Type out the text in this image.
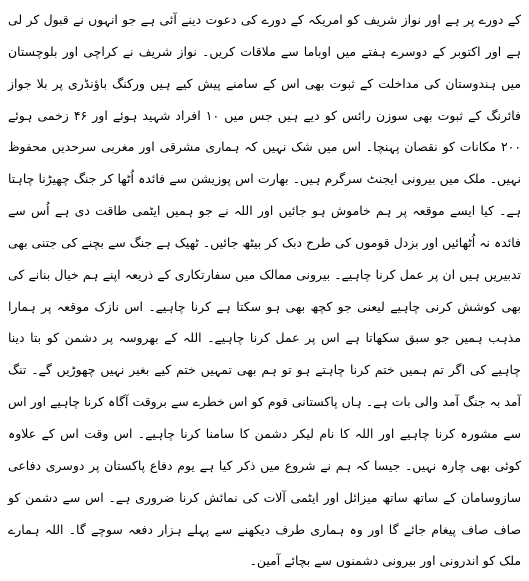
کے دورے پر ہے اور نواز شریف کو امریکہ کے دورے کی دعوت دینے آئی ہے جو انہوں نے قبول کر لی ہے اور اکتوبر کے دوسرے ہفتے میں اوباما سے ملاقات کریں۔ نواز شریف نے کراچی اور بلوچستان میں ہندوستان کی مداخلت کے ثبوت بھی اس کے سامنے پیش کیے ہیں ورکنگ باؤنڈری پر بلا جواز فائرنگ کے ثبوت بھی سوزن رائس کو دیے ہیں جس میں ۱۰ افراد شہید ہوئے اور ۴۶ زخمی ہوئے ۲۰۰ مکانات کو نقصان پہنچا۔ اس میں شک نہیں کہ ہماری مشرقی اور مغربی سرحدیں محفوظ نہیں۔ ملک میں بیرونی ایجنٹ سرگرم ہیں۔ بھارت اس پوزیشن سے فائدہ اُٹھا کر جنگ چھیڑنا چاہتا ہے۔ کیا ایسے موقعہ پر ہم خاموش ہو جائیں اور اللہ نے جو ہمیں ایٹمی طاقت دی ہے اُس سے فائدہ نہ اُٹھائیں اور بزدل قوموں کی طرح دبک کر بیٹھ جائیں۔ ٹھیک ہے جنگ سے بچنے کی جتنی بھی تدبیریں ہیں ان پر عمل کرنا چاہیے۔ بیرونی ممالک میں سفارتکاری کے ذریعہ اپنے ہم خیال بنانے کی بھی کوشش کرنی چاہیے لیعنی جو کچھ بھی ہو سکتا ہے کرنا چاہیے۔ اس نازک موقعہ پر ہمارا مذہب ہمیں جو سبق سکھاتا ہے اس پر عمل کرنا چاہیے۔ اللہ کے بھروسہ پر دشمن کو بتا دینا چاہیے کی اگر تم ہمیں ختم کرنا چاہتے ہو تو ہم بھی تمہیں ختم کیے بغیر نہیں چھوڑیں گے۔ تنگ آمد بہ جنگ آمد والی بات ہے۔ ہاں پاکستانی قوم کو اس خطرے سے بروقت آگاہ کرنا چاہیے اور اس سے مشورہ کرنا چاہیے اور اللہ کا نام لیکر دشمن کا سامنا کرنا چاہیے۔ اس وقت اس کے علاوہ کوئی بھی چارہ نہیں۔ جیسا کہ ہم نے شروع میں ذکر کیا ہے یوم دفاع پاکستان پر دوسری دفاعی سازوسامان کے ساتھ ساتھ میزائل اور ایٹمی آلات کی نمائش کرنا ضروری ہے۔ اس سے دشمن کو صاف صاف پیغام جائے گا اور وہ ہماری طرف دیکھنے سے پہلے ہزار دفعہ سوچے گا۔ اللہ ہمارے ملک کو اندرونی اور بیرونی دشمنوں سے بچائے آمین۔
